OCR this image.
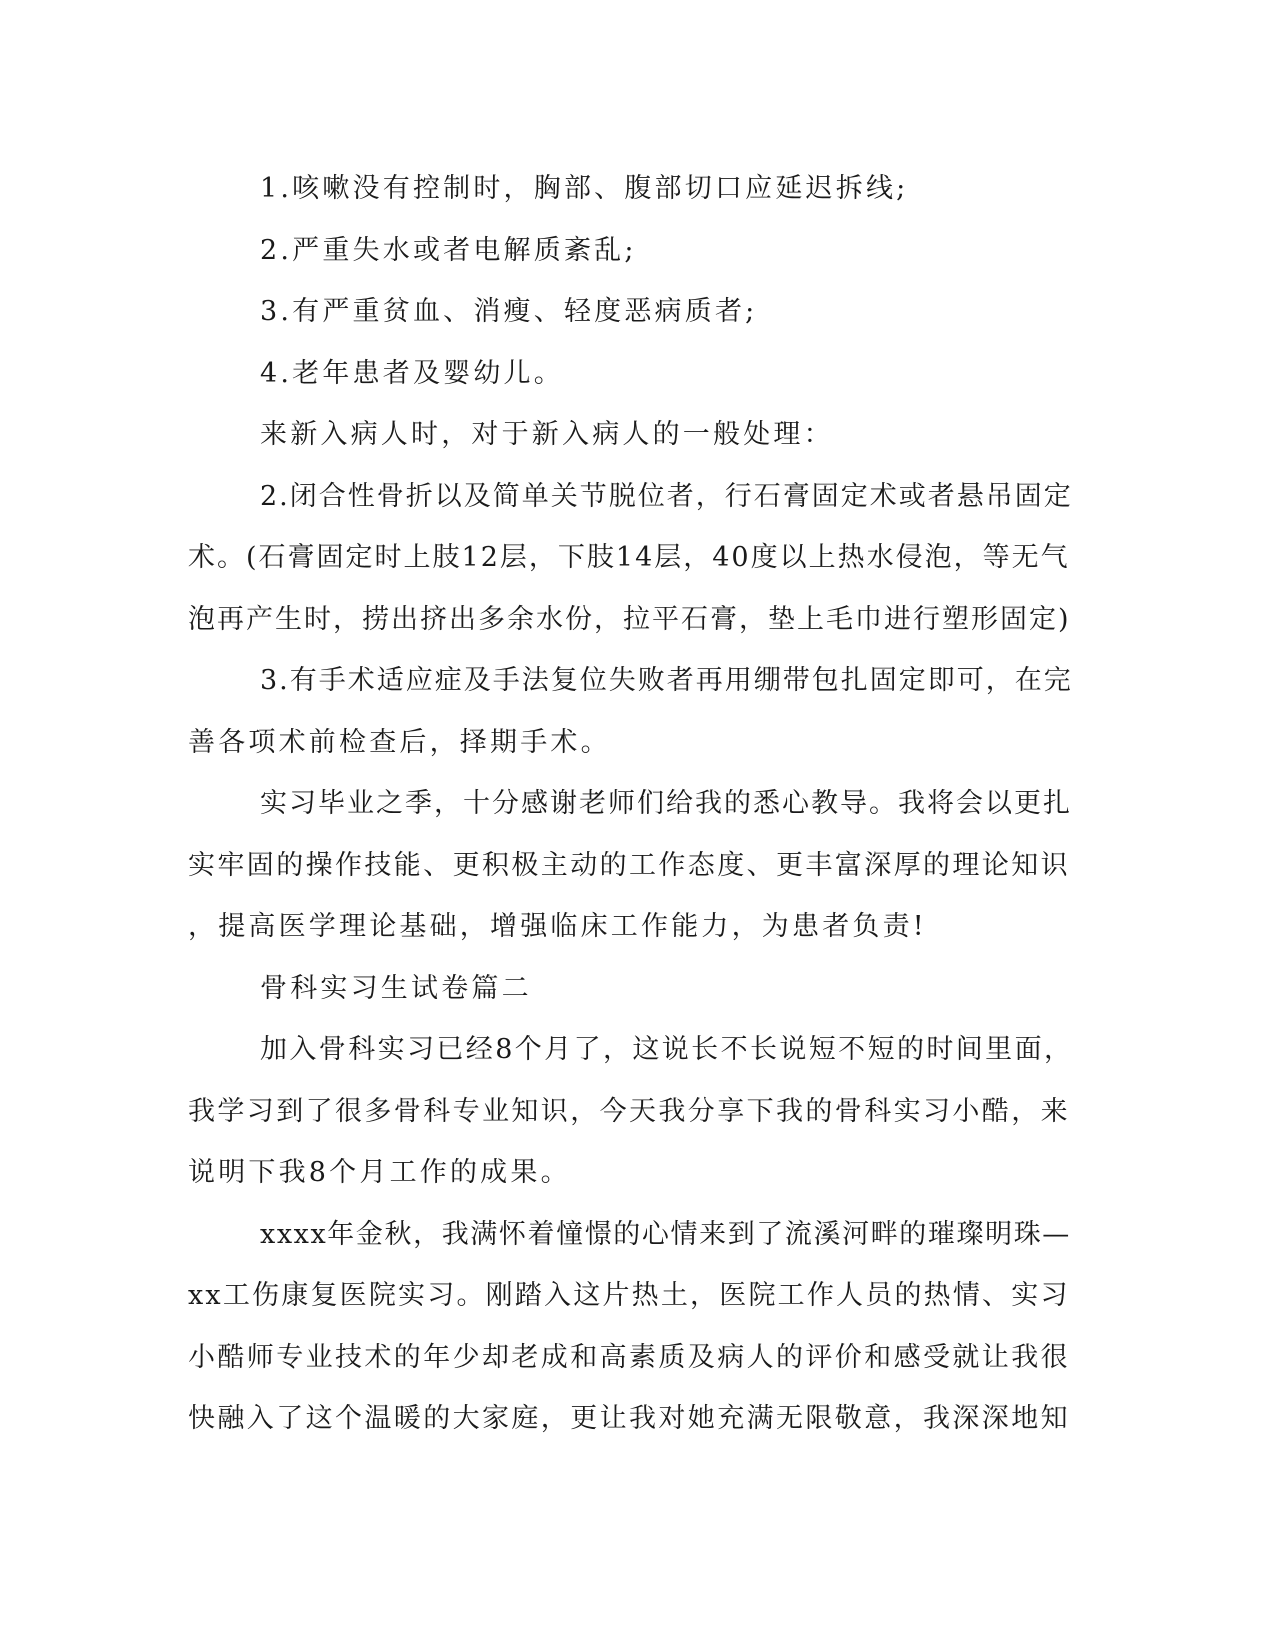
1.咳嗽没有控制时，胸部、腹部切口应延迟拆线;
2.严重失水或者电解质紊乱;
3.有严重贫血、消瘦、轻度恶病质者;
4.老年患者及婴幼儿。
来新入病人时，对于新入病人的一般处理：
2.闭合性骨折以及简单关节脱位者，行石膏固定术或者悬吊固定
术。(石膏固定时上肢12层，下肢14层，40度以上热水侵泡，等无气
泡再产生时，捞出挤出多余水份，拉平石膏，垫上毛巾进行塑形固定)
3.有手术适应症及手法复位失败者再用绷带包扎固定即可，在完
善各项术前检查后，择期手术。
实习毕业之季，十分感谢老师们给我的悉心教导。我将会以更扎
实牢固的操作技能、更积极主动的工作态度、更丰富深厚的理论知识
，提高医学理论基础，增强临床工作能力，为患者负责!
骨科实习生试卷篇二
加入骨科实习已经8个月了，这说长不长说短不短的时间里面，
我学习到了很多骨科专业知识，今天我分享下我的骨科实习小酷，来
说明下我8个月工作的成果。
xxxx年金秋，我满怀着憧憬的心情来到了流溪河畔的璀璨明珠—
xx工伤康复医院实习。刚踏入这片热土，医院工作人员的热情、实习
小酷师专业技术的年少却老成和高素质及病人的评价和感受就让我很
快融入了这个温暖的大家庭，更让我对她充满无限敬意，我深深地知
